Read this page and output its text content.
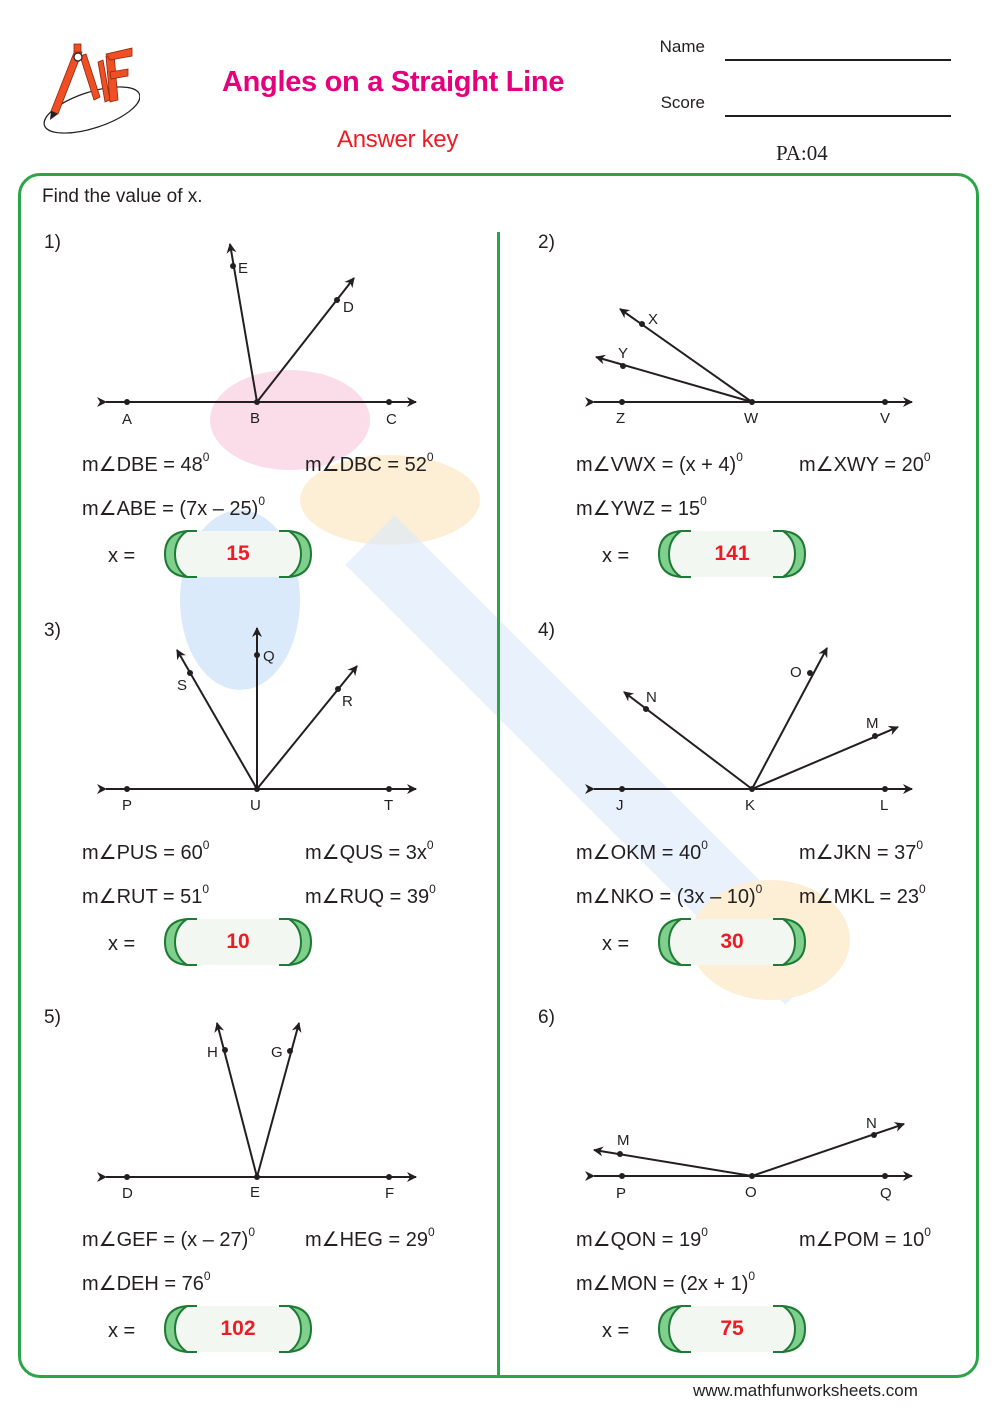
Angles on a Straight Line
Answer key
Name
Score
PA:04
Find the value of x.
1)
A	B	C
E
D
m∠DBE = $48^0$	m∠DBC = $52^0$
m∠ABE = (7x – 25)$^0$
x =	15
2)
Z	W	V
X
Y
m∠VWX = $(x + 4)^0$	m∠XWY = $20^0$
m∠YWZ = $15^0$
x =	141
3)
P	U	T
Q
S
R
m∠PUS = $60^0$	m∠QUS = $3x^0$
m∠RUT = $51^0$	m∠RUQ = $39^0$
x =	10
4)
J	K	L
N
O
M
m∠OKM = $40^0$	m∠JKN = $37^0$
m∠NKO = (3x – 10)$^0$ m∠MKL = $23^0$
x =	30
5)
D	E	F
H	G
m∠GEF = (x – 27)$^0$	m∠HEG = $29^0$
m∠DEH = $76^0$
x =	102
6)
P	O	Q
M
N
m∠QON = $19^0$	m∠POM = $10^0$
m∠MON = $(2x + 1)^0$
x =	75
www.mathfunworksheets.com
